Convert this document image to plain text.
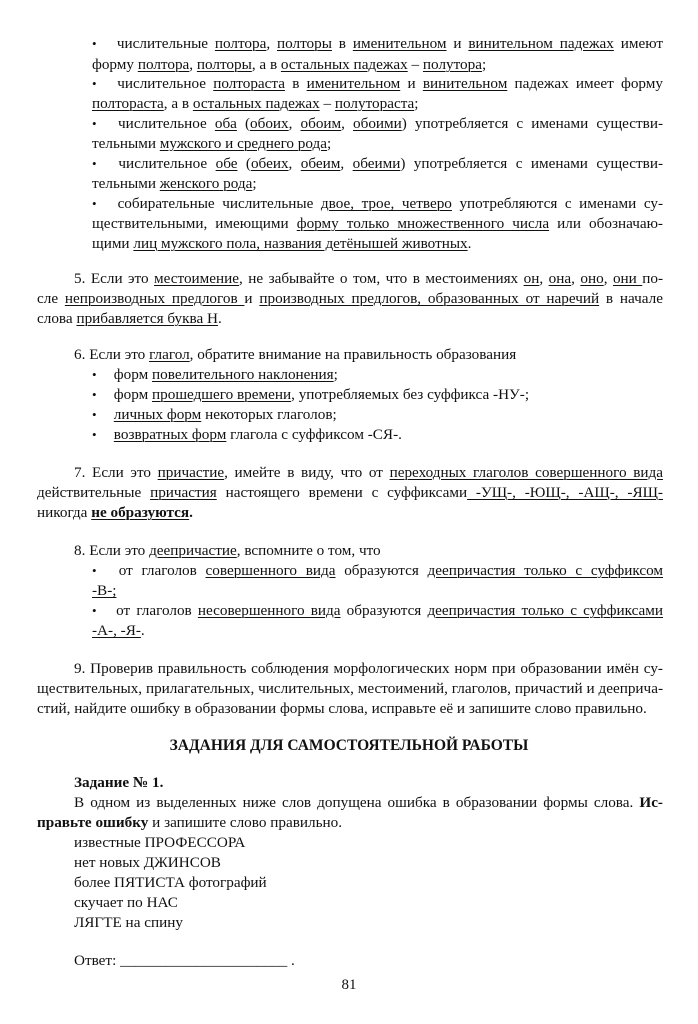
• числительные полтора, полторы в именительном и винительном падежах имеют
форму полтора, полторы, а в остальных падежах – полутора;
• числительное полтораста в именительном и винительном падежах имеет форму
полтораста, а в остальных падежах – полутораста;
• числительное оба (обоих, обоим, обоими) употребляется с именами существи-
тельными мужского и среднего рода;
• числительное обе (обеих, обеим, обеими) употребляется с именами существи-
тельными женского рода;
• собирательные числительные двое, трое, четверо употребляются с именами су-
ществительными, имеющими форму только множественного числа или обозначаю-
щими лиц мужского пола, названия детёнышей животных.
5. Если это местоимение, не забывайте о том, что в местоимениях он, она, оно, они по-
сле непроизводных предлогов и производных предлогов, образованных от наречий в начале
слова прибавляется буква Н.
6. Если это глагол, обратите внимание на правильность образования
• форм повелительного наклонения;
• форм прошедшего времени, употребляемых без суффикса -НУ-;
• личных форм некоторых глаголов;
• возвратных форм глагола с суффиксом -СЯ-.
7. Если это причастие, имейте в виду, что от переходных глаголов совершенного вида
действительные причастия настоящего времени с суффиксами -УЩ-, -ЮЩ-, -АЩ-, -ЯЩ-
никогда не образуются.
8. Если это деепричастие, вспомните о том, что
• от глаголов совершенного вида образуются деепричастия только с суффиксом
-В-;
• от глаголов несовершенного вида образуются деепричастия только с суффиксами
-А-, -Я-.
9. Проверив правильность соблюдения морфологических норм при образовании имён су-
ществительных, прилагательных, числительных, местоимений, глаголов, причастий и дееприча-
стий, найдите ошибку в образовании формы слова, исправьте её и запишите слово правильно.
ЗАДАНИЯ ДЛЯ САМОСТОЯТЕЛЬНОЙ РАБОТЫ
Задание № 1.
В одном из выделенных ниже слов допущена ошибка в образовании формы слова. Ис-
правьте ошибку и запишите слово правильно.
известные ПРОФЕССОРА
нет новых ДЖИНСОВ
более ПЯТИСТА фотографий
скучает по НАС
ЛЯГТЕ на спину
Ответ: ______________________ .
81
